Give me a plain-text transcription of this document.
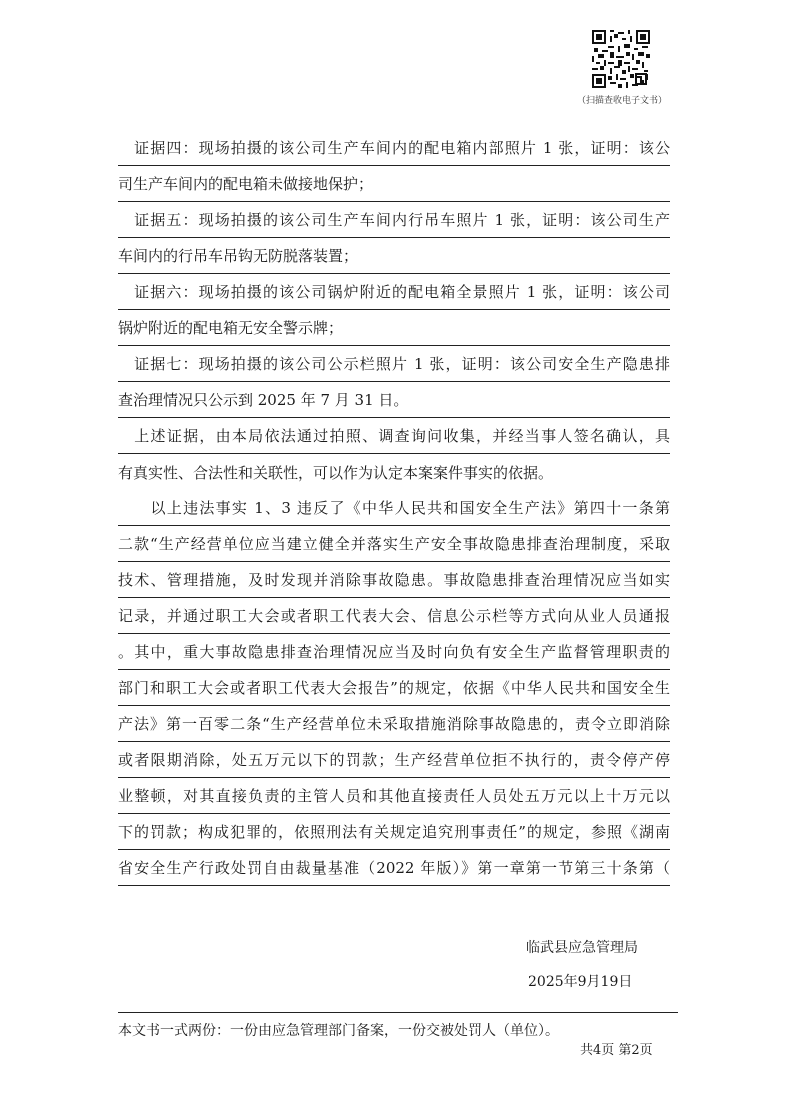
（扫描查收电子文书）
　证据四：现场拍摄的该公司生产车间内的配电箱内部照片 1 张，证明：该公
司生产车间内的配电箱未做接地保护；
　证据五：现场拍摄的该公司生产车间内行吊车照片 1 张，证明：该公司生产
车间内的行吊车吊钩无防脱落装置；
　证据六：现场拍摄的该公司锅炉附近的配电箱全景照片 1 张，证明：该公司
锅炉附近的配电箱无安全警示牌；
　证据七：现场拍摄的该公司公示栏照片 1 张，证明：该公司安全生产隐患排
查治理情况只公示到 2025 年 7 月 31 日。
　上述证据，由本局依法通过拍照、调查询问收集，并经当事人签名确认，具
有真实性、合法性和关联性，可以作为认定本案案件事实的依据。
　　以上违法事实 1、3 违反了《中华人民共和国安全生产法》第四十一条第
二款“生产经营单位应当建立健全并落实生产安全事故隐患排查治理制度，采取
技术、管理措施，及时发现并消除事故隐患。事故隐患排查治理情况应当如实
记录，并通过职工大会或者职工代表大会、信息公示栏等方式向从业人员通报
。其中，重大事故隐患排查治理情况应当及时向负有安全生产监督管理职责的
部门和职工大会或者职工代表大会报告”的规定，依据《中华人民共和国安全生
产法》第一百零二条“生产经营单位未采取措施消除事故隐患的，责令立即消除
或者限期消除，处五万元以下的罚款；生产经营单位拒不执行的，责令停产停
业整顿，对其直接负责的主管人员和其他直接责任人员处五万元以上十万元以
下的罚款；构成犯罪的，依照刑法有关规定追究刑事责任”的规定，参照《湖南
省安全生产行政处罚自由裁量基准（2022 年版）》第一章第一节第三十条第（
临武县应急管理局
2025年9月19日
本文书一式两份：一份由应急管理部门备案，一份交被处罚人（单位）。
共4页 第2页
